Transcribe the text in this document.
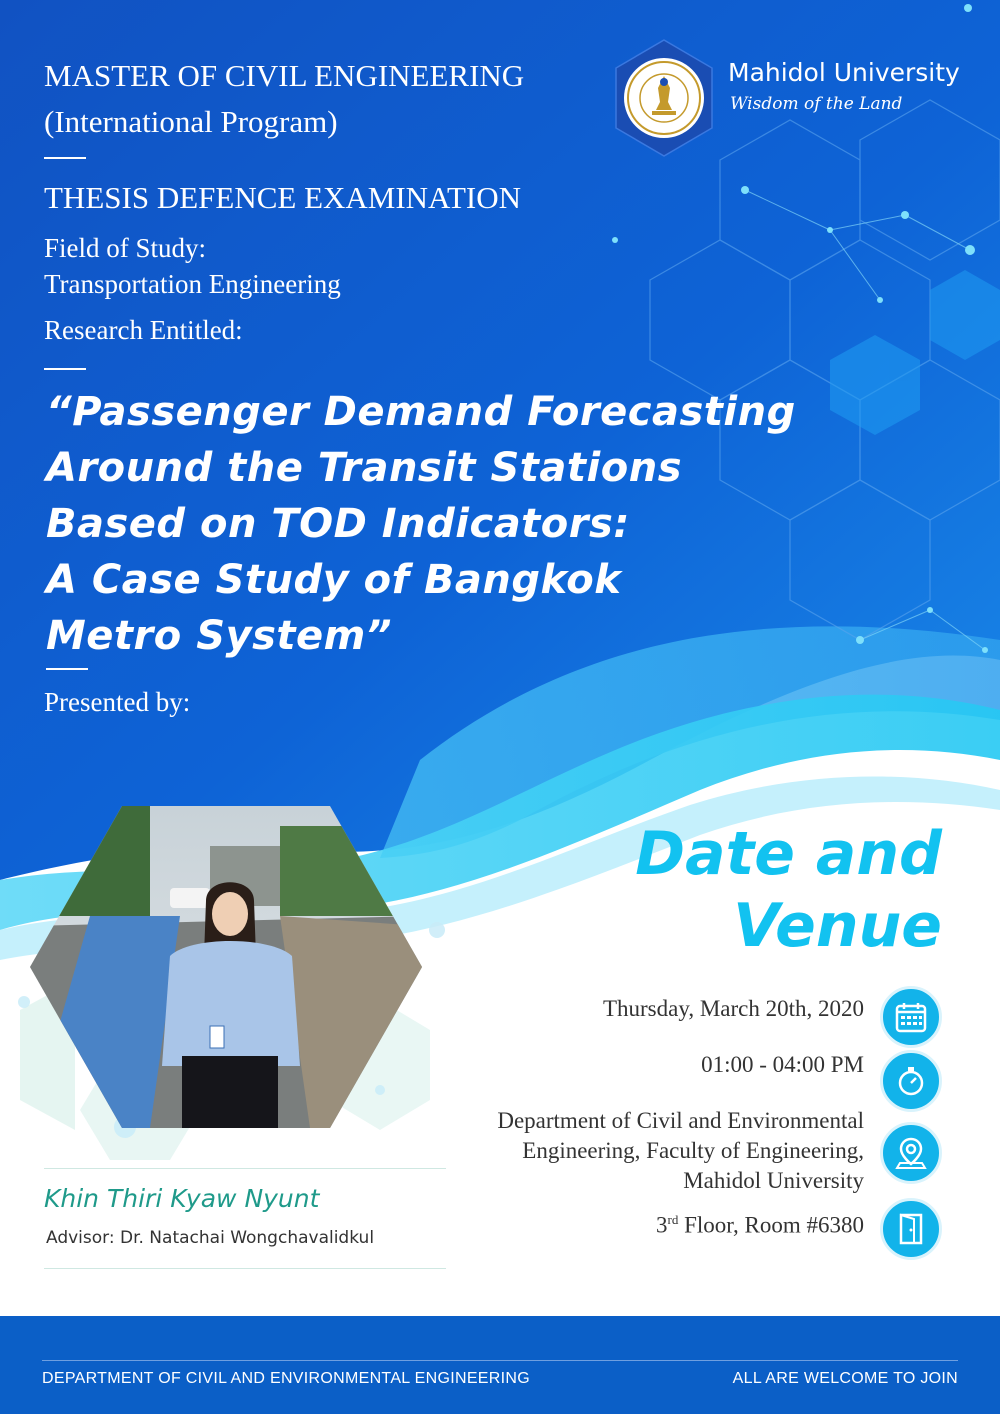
MASTER OF CIVIL ENGINEERING
(International Program)
THESIS DEFENCE EXAMINATION
Field of Study:
Transportation Engineering
Research Entitled:
Mahidol University
Wisdom of the Land
“Passenger Demand Forecasting
Around the Transit Stations
Based on TOD Indicators:
A Case Study of Bangkok
Metro System”
Presented by:
Khin Thiri Kyaw Nyunt
Advisor: Dr. Natachai Wongchavalidkul
Date and
Venue
Thursday, March 20th, 2020
01:00 - 04:00 PM
Department of Civil and Environmental
Engineering, Faculty of Engineering,
Mahidol University
3rd Floor, Room #6380
DEPARTMENT OF CIVIL AND ENVIRONMENTAL ENGINEERING	ALL ARE WELCOME TO JOIN
